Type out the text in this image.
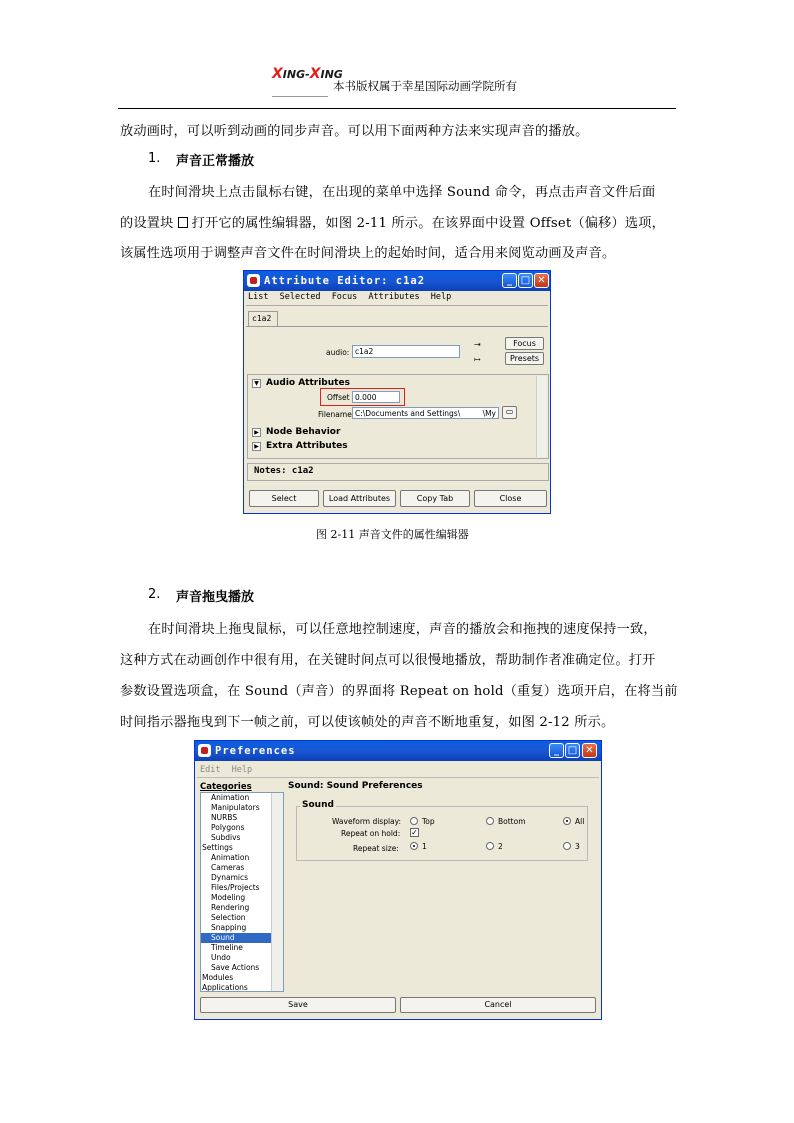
XING-XING
本书版权属于幸星国际动画学院所有
放动画时，可以听到动画的同步声音。可以用下面两种方法来实现声音的播放。
1. 声音正常播放
在时间滑块上点击鼠标右键，在出现的菜单中选择 Sound 命令，再点击声音文件后面
的设置块 打开它的属性编辑器，如图 2-11 所示。在该界面中设置 Offset（偏移）选项，
该属性选项用于调整声音文件在时间滑块上的起始时间，适合用来阅览动画及声音。
Attribute Editor: c1a2	_ □ ✕
List Selected Focus Attributes Help
c1a2
audio: c1a2
⇥
↦
Focus
Presets
▼ Audio Attributes
Offset 0.000
Filename C:\Documents and Settings\	\My	▭
▶ Node Behavior
▶ Extra Attributes
Notes: c1a2
Select	Load Attributes	Copy Tab	Close
图 2-11 声音文件的属性编辑器
2. 声音拖曳播放
在时间滑块上拖曳鼠标，可以任意地控制速度，声音的播放会和拖拽的速度保持一致，
这种方式在动画创作中很有用，在关键时间点可以很慢地播放，帮助制作者准确定位。打开
参数设置选项盒，在 Sound（声音）的界面将 Repeat on hold（重复）选项开启，在将当前
时间指示器拖曳到下一帧之前，可以使该帧处的声音不断地重复，如图 2-12 所示。
Preferences	_ □ ✕
Edit Help
Categories
Animation
Manipulators
NURBS
Polygons
Subdivs
Settings
Animation
Cameras
Dynamics
Files/Projects
Modeling
Rendering
Selection
Snapping
Sound
Timeline
Undo
Save Actions
Modules
Applications
Sound: Sound Preferences
Sound
Waveform display:	Top	Bottom	All
Repeat on hold: ✓
Repeat size:	1	2	3
Save	Cancel
